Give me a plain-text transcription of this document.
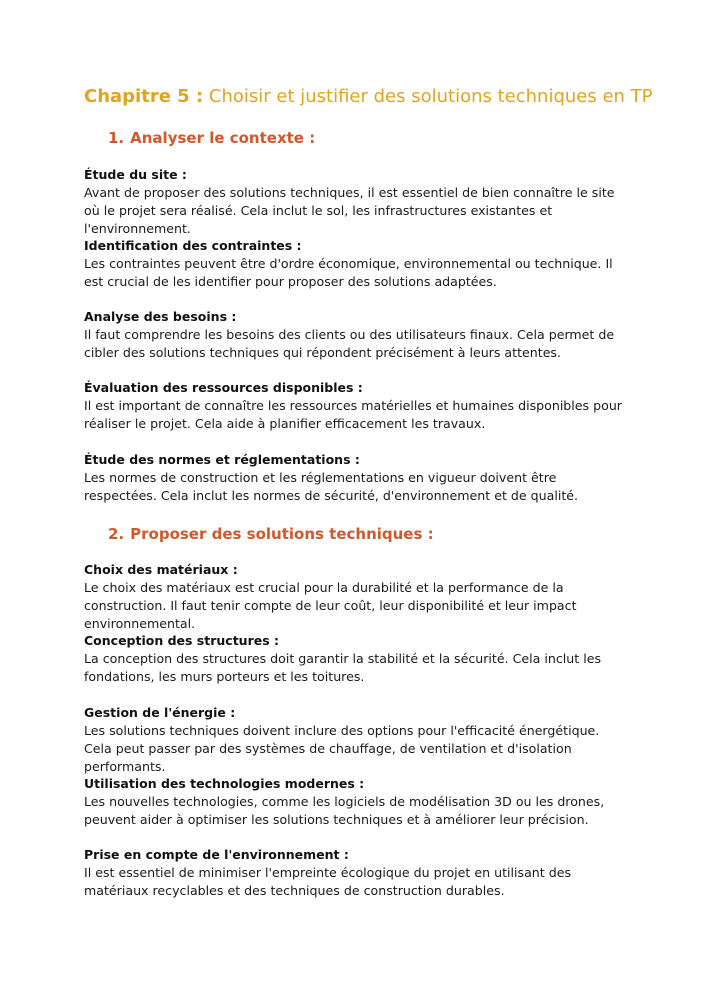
Chapitre 5 : Choisir et justifier des solutions techniques en TP
1. Analyser le contexte :

Étude du site :

Avant de proposer des solutions techniques, il est essentiel de bien connaître le site où le projet sera réalisé. Cela inclut le sol, les infrastructures existantes et l'environnement.

Identification des contraintes :

Les contraintes peuvent être d'ordre économique, environnemental ou technique. Il est crucial de les identifier pour proposer des solutions adaptées.

Analyse des besoins :

Il faut comprendre les besoins des clients ou des utilisateurs finaux. Cela permet de cibler des solutions techniques qui répondent précisément à leurs attentes.

Évaluation des ressources disponibles :

Il est important de connaître les ressources matérielles et humaines disponibles pour réaliser le projet. Cela aide à planifier efficacement les travaux.

Étude des normes et réglementations :

Les normes de construction et les réglementations en vigueur doivent être respectées. Cela inclut les normes de sécurité, d'environnement et de qualité.

2. Proposer des solutions techniques :

Choix des matériaux :

Le choix des matériaux est crucial pour la durabilité et la performance de la construction. Il faut tenir compte de leur coût, leur disponibilité et leur impact environnemental.

Conception des structures :

La conception des structures doit garantir la stabilité et la sécurité. Cela inclut les fondations, les murs porteurs et les toitures.

Gestion de l'énergie :

Les solutions techniques doivent inclure des options pour l'efficacité énergétique. Cela peut passer par des systèmes de chauffage, de ventilation et d'isolation performants.

Utilisation des technologies modernes :

Les nouvelles technologies, comme les logiciels de modélisation 3D ou les drones, peuvent aider à optimiser les solutions techniques et à améliorer leur précision.

Prise en compte de l'environnement :

Il est essentiel de minimiser l'empreinte écologique du projet en utilisant des matériaux recyclables et des techniques de construction durables.
